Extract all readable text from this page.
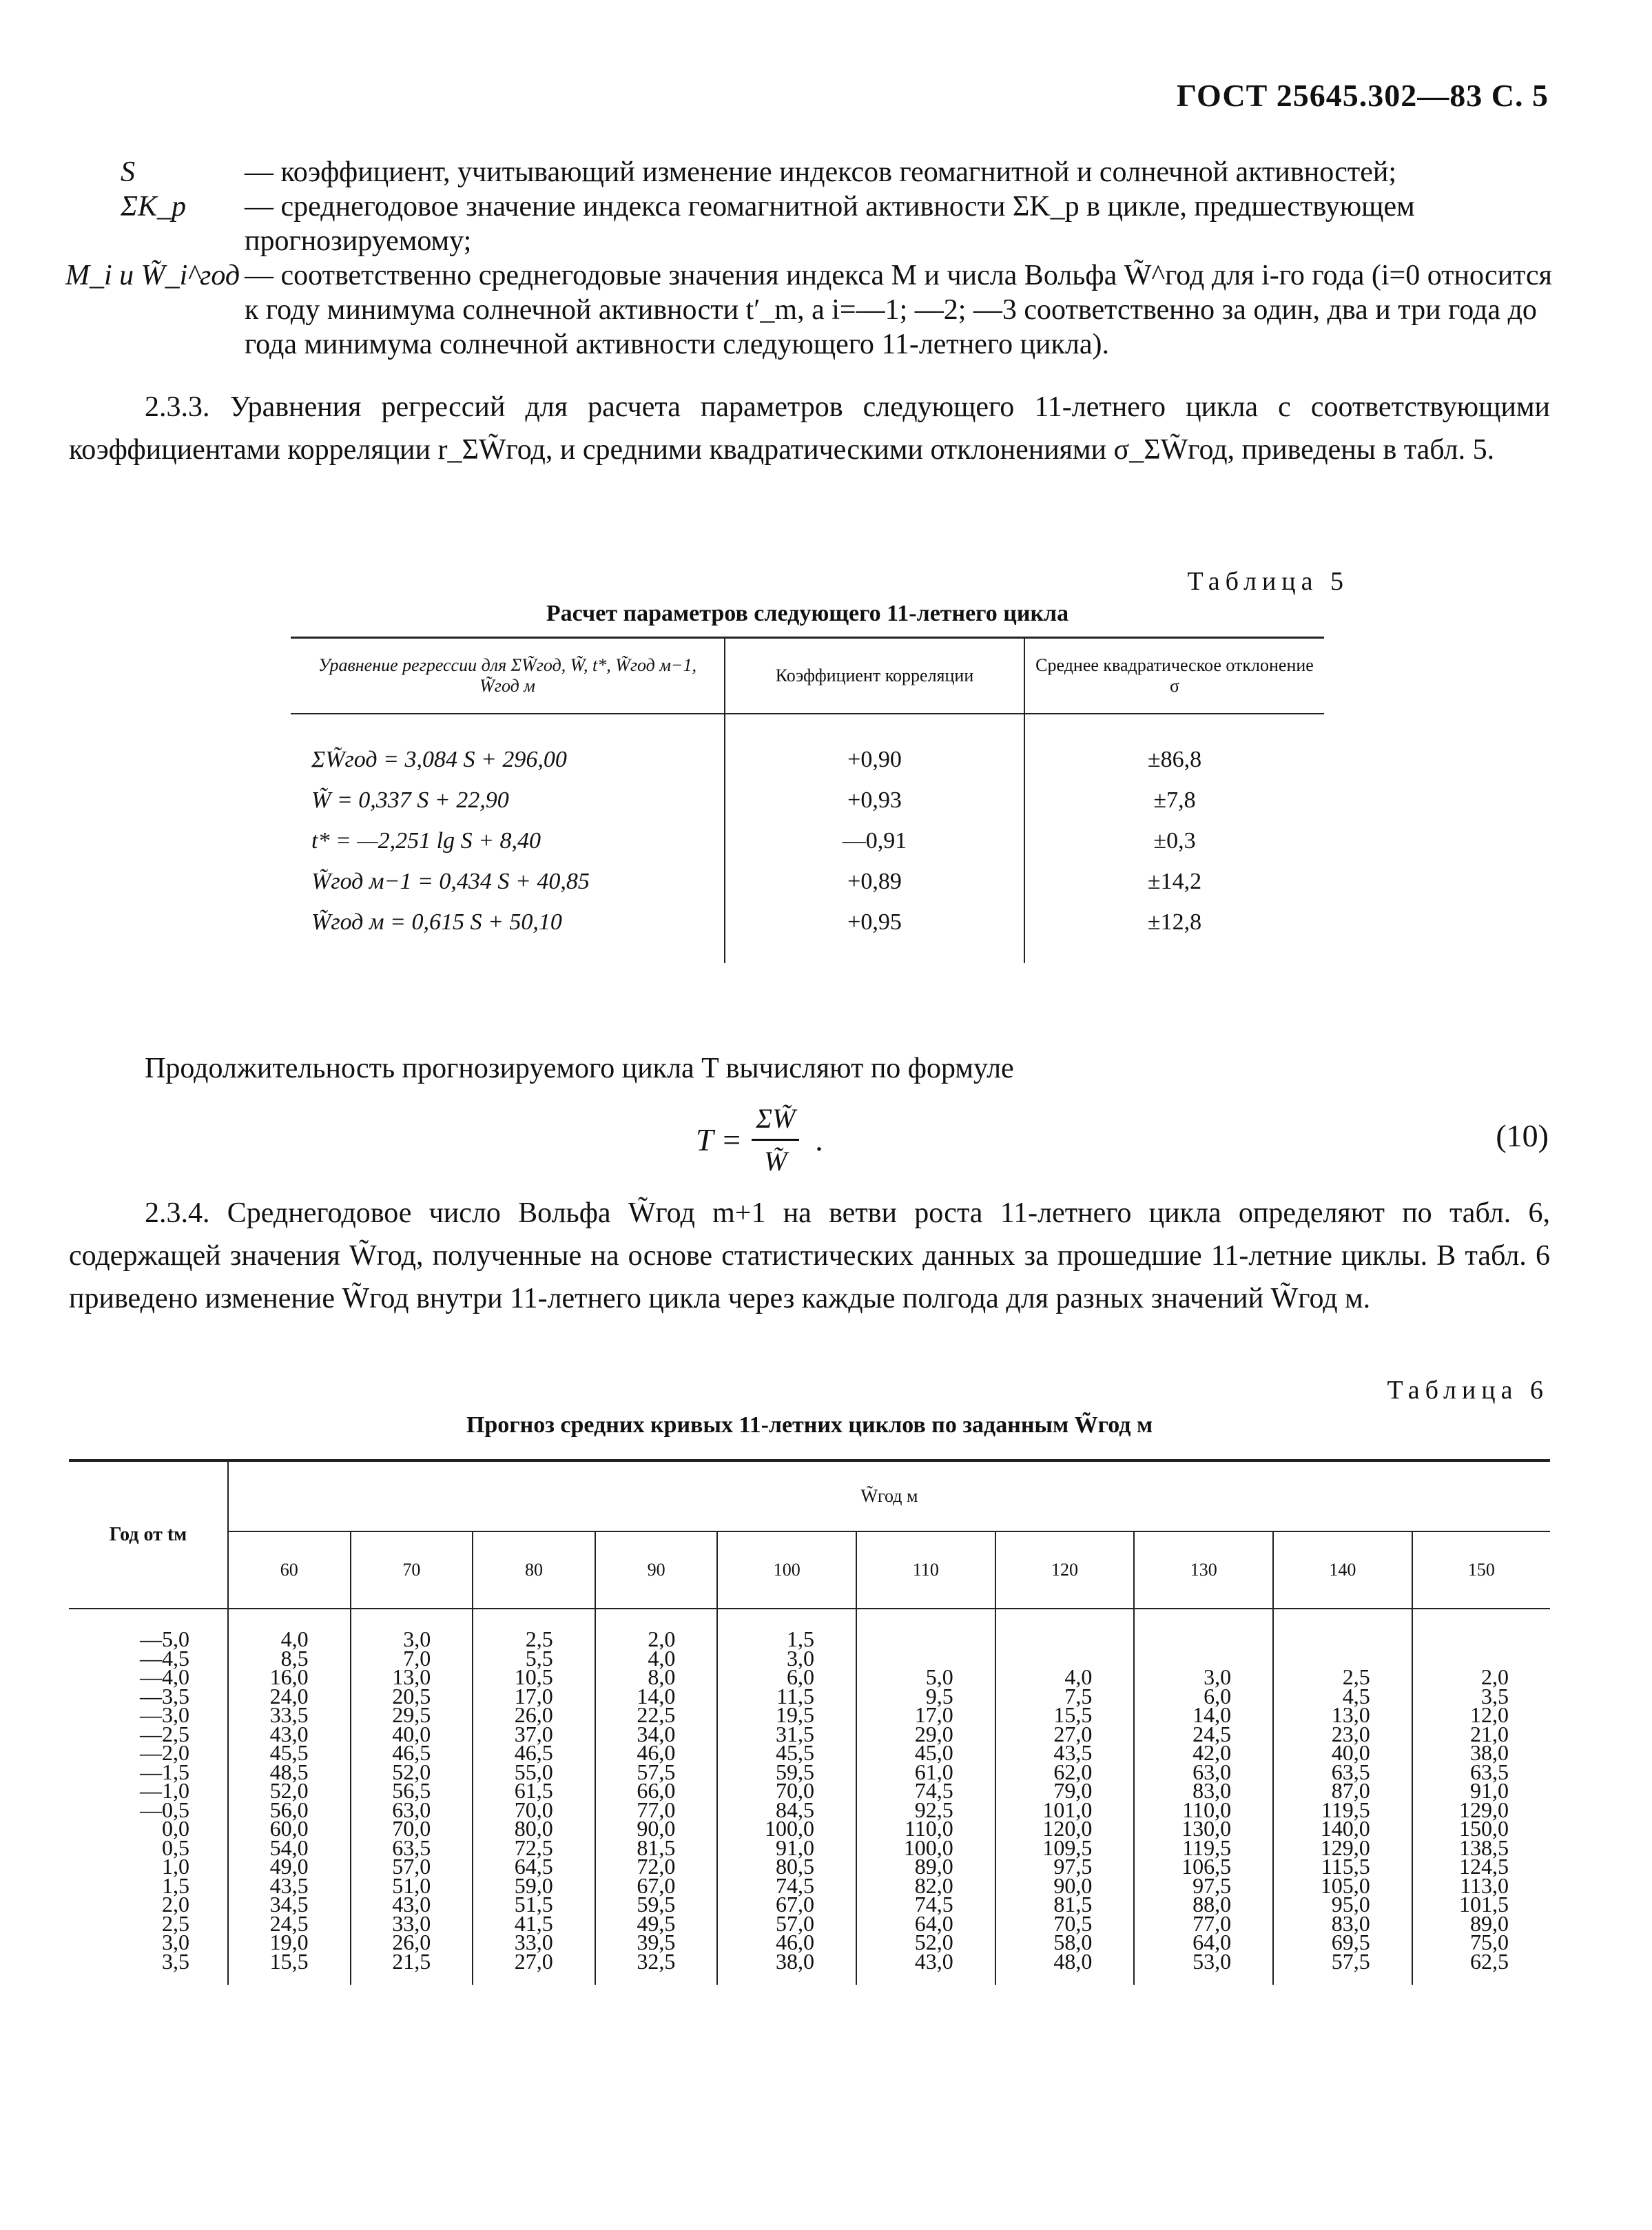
ГОСТ 25645.302—83 С. 5
S	— коэффициент, учитывающий изменение индексов геомагнитной и солнечной активностей;
ΣK_p	— среднегодовое значение индекса геомагнитной активности ΣK_p в цикле, предшествующем прогнозируемому;
M_i и W̃_i^год — соответственно среднегодовые значения индекса M и числа Вольфа W̃^год для i-го года (i=0 относится к году минимума солнечной активности t′_m, а i=—1; —2; —3 соответственно за один, два и три года до года минимума солнечной активности следующего 11-летнего цикла).
2.3.3. Уравнения регрессий для расчета параметров следующего 11-летнего цикла с соответствующими коэффициентами корреляции r_ΣW̃год, и средними квадратическими отклонениями σ_ΣW̃год, приведены в табл. 5.
Таблица 5
Расчет параметров следующего 11-летнего цикла
Уравнение регрессии для ΣW̃год, W̃, t*, W̃год м−1, W̃год м	Коэффициент корреляции	Среднее квадратическое отклонение σ
ΣW̃год = 3,084 S + 296,00	+0,90	±86,8
W̃ = 0,337 S + 22,90	+0,93	±7,8
t* = —2,251 lg S + 8,40	—0,91	±0,3
W̃год м−1 = 0,434 S + 40,85	+0,89	±14,2
W̃год м = 0,615 S + 50,10	+0,95	±12,8
Продолжительность прогнозируемого цикла T вычисляют по формуле
$T = \frac{\Sigma W̃}{W̃}$ .	(10)
2.3.4. Среднегодовое число Вольфа W̃год m+1 на ветви роста 11-летнего цикла определяют по табл. 6, содержащей значения W̃год, полученные на основе статистических данных за прошедшие 11-летние циклы. В табл. 6 приведено изменение W̃год внутри 11-летнего цикла через каждые полгода для разных значений W̃год м.
Таблица 6
Прогноз средних кривых 11-летних циклов по заданным W̃год м
Год от tм	W̃год м									
	60	70	80	90	100	110	120	130	140	150
—5,0	4,0	3,0	2,5	2,0	1,5					
—4,5	8,5	7,0	5,5	4,0	3,0					
—4,0	16,0	13,0	10,5	8,0	6,0	5,0	4,0	3,0	2,5	2,0
—3,5	24,0	20,5	17,0	14,0	11,5	9,5	7,5	6,0	4,5	3,5
—3,0	33,5	29,5	26,0	22,5	19,5	17,0	15,5	14,0	13,0	12,0
—2,5	43,0	40,0	37,0	34,0	31,5	29,0	27,0	24,5	23,0	21,0
—2,0	45,5	46,5	46,5	46,0	45,5	45,0	43,5	42,0	40,0	38,0
—1,5	48,5	52,0	55,0	57,5	59,5	61,0	62,0	63,0	63,5	63,5
—1,0	52,0	56,5	61,5	66,0	70,0	74,5	79,0	83,0	87,0	91,0
—0,5	56,0	63,0	70,0	77,0	84,5	92,5	101,0	110,0	119,5	129,0
0,0	60,0	70,0	80,0	90,0	100,0	110,0	120,0	130,0	140,0	150,0
0,5	54,0	63,5	72,5	81,5	91,0	100,0	109,5	119,5	129,0	138,5
1,0	49,0	57,0	64,5	72,0	80,5	89,0	97,5	106,5	115,5	124,5
1,5	43,5	51,0	59,0	67,0	74,5	82,0	90,0	97,5	105,0	113,0
2,0	34,5	43,0	51,5	59,5	67,0	74,5	81,5	88,0	95,0	101,5
2,5	24,5	33,0	41,5	49,5	57,0	64,0	70,5	77,0	83,0	89,0
3,0	19,0	26,0	33,0	39,5	46,0	52,0	58,0	64,0	69,5	75,0
3,5	15,5	21,5	27,0	32,5	38,0	43,0	48,0	53,0	57,5	62,5
